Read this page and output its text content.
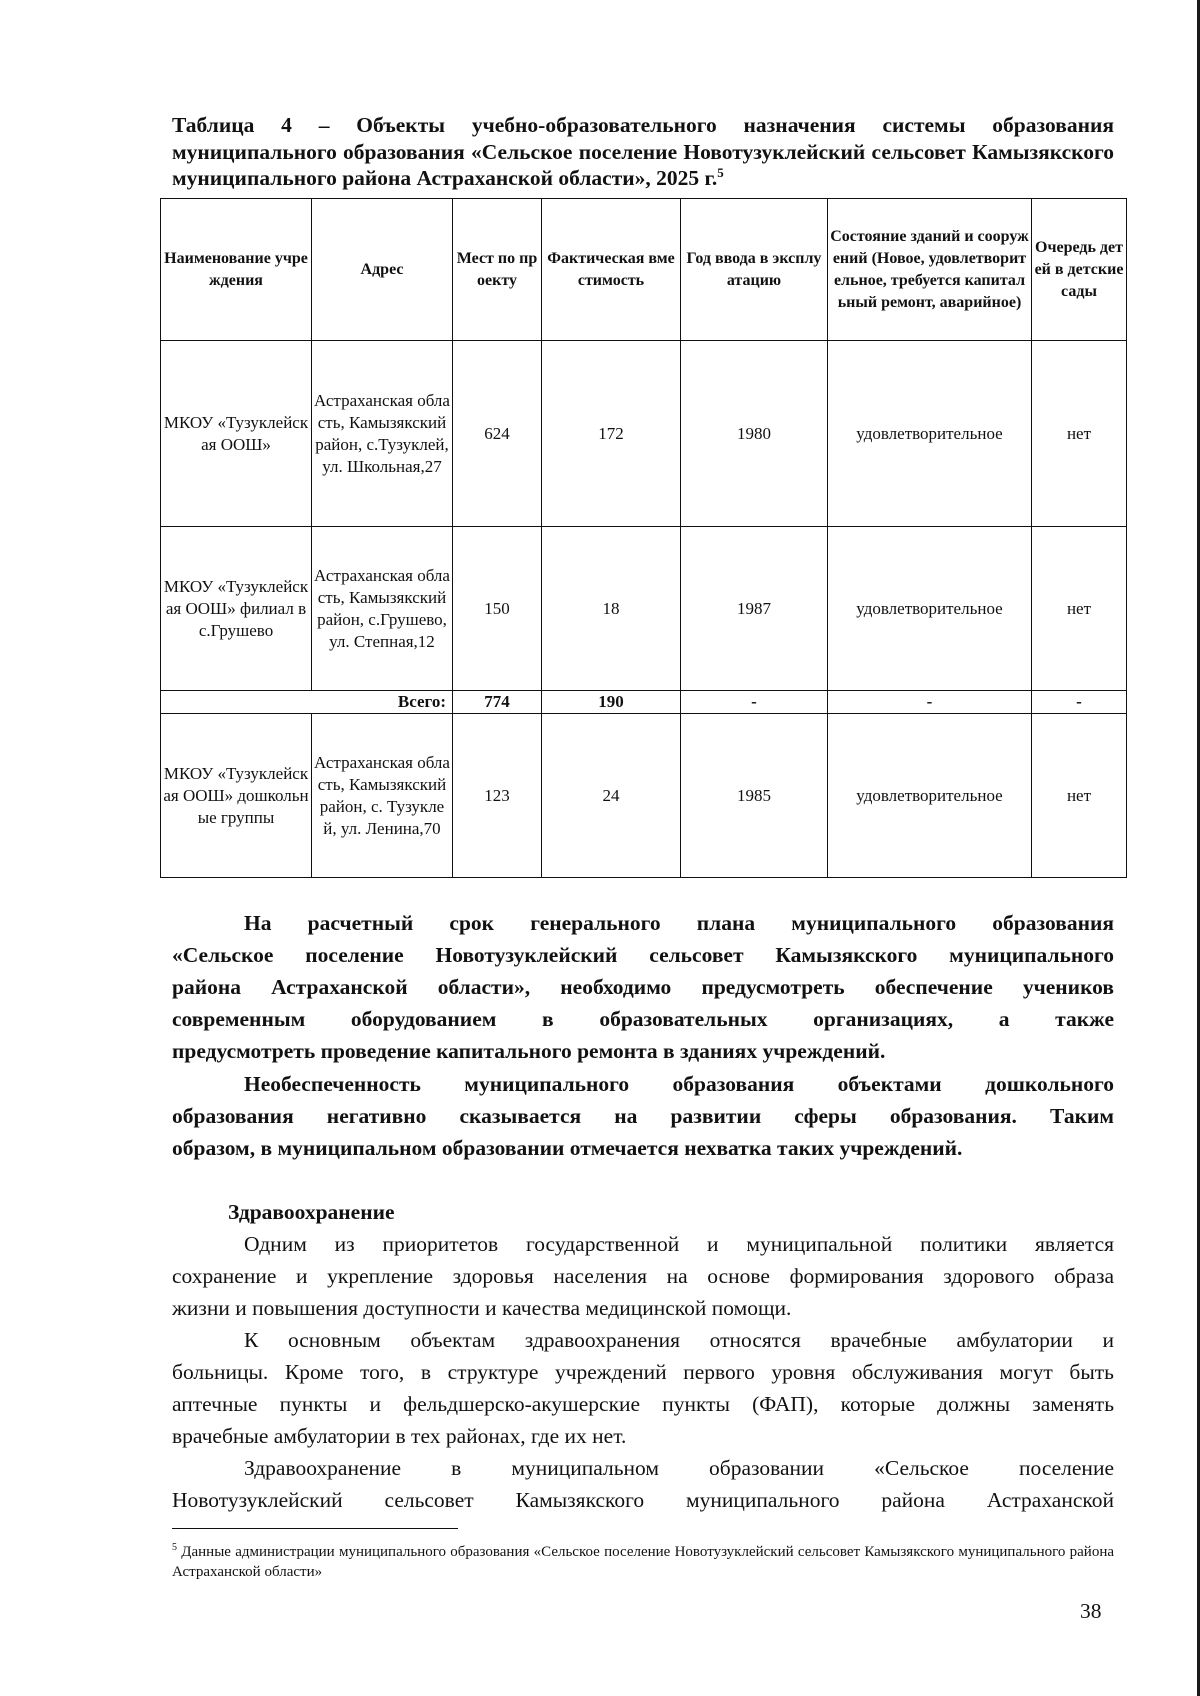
Таблица 4 – Объекты учебно-образовательного назначения системы образования муниципального образования «Сельское поселение Новотузуклейский сельсовет Камызякского муниципального района Астраханской области», 2025 г.$^5$
Наименование учреждения	Адрес	Мест по проекту	Фактическая вместимость	Год ввода в эксплуатацию	Состояние зданий и сооружений (Новое, удовлетворительное, требуется капитальный ремонт, аварийное)	Очередь детей в детские сады
МКОУ «Тузуклейская ООШ»	Астраханская область, Камызякский район, с.Тузуклей, ул. Школьная,27	624	172	1980	удовлетворительное	нет
МКОУ «Тузуклейская ООШ» филиал в с.Грушево	Астраханская область, Камызякский район, с.Грушево, ул. Степная,12	150	18	1987	удовлетворительное	нет
Всего:		774	190	-	-	-
МКОУ «Тузуклейская ООШ» дошкольные группы	Астраханская область, Камызякский район, с. Тузуклей, ул. Ленина,70	123	24	1985	удовлетворительное	нет

На расчетный срок генерального плана муниципального образования

«Сельское поселение Новотузуклейский сельсовет Камызякского муниципального

района Астраханской области», необходимо предусмотреть обеспечение учеников

современным оборудованием в образовательных организациях, а также

предусмотреть проведение капитального ремонта в зданиях учреждений.

Необеспеченность муниципального образования объектами дошкольного

образования негативно сказывается на развитии сферы образования. Таким

образом, в муниципальном образовании отмечается нехватка таких учреждений.

Здравоохранение

Одним из приоритетов государственной и муниципальной политики является

сохранение и укрепление здоровья населения на основе формирования здорового образа

жизни и повышения доступности и качества медицинской помощи.

К основным объектам здравоохранения относятся врачебные амбулатории и

больницы. Кроме того, в структуре учреждений первого уровня обслуживания могут быть

аптечные пункты и фельдшерско-акушерские пункты (ФАП), которые должны заменять

врачебные амбулатории в тех районах, где их нет.

Здравоохранение в муниципальном образовании «Сельское поселение

Новотузуклейский сельсовет Камызякского муниципального района Астраханской

$^5$ Данные администрации муниципального образования «Сельское поселение Новотузуклейский сельсовет Камызякского муниципального района Астраханской области»
38
